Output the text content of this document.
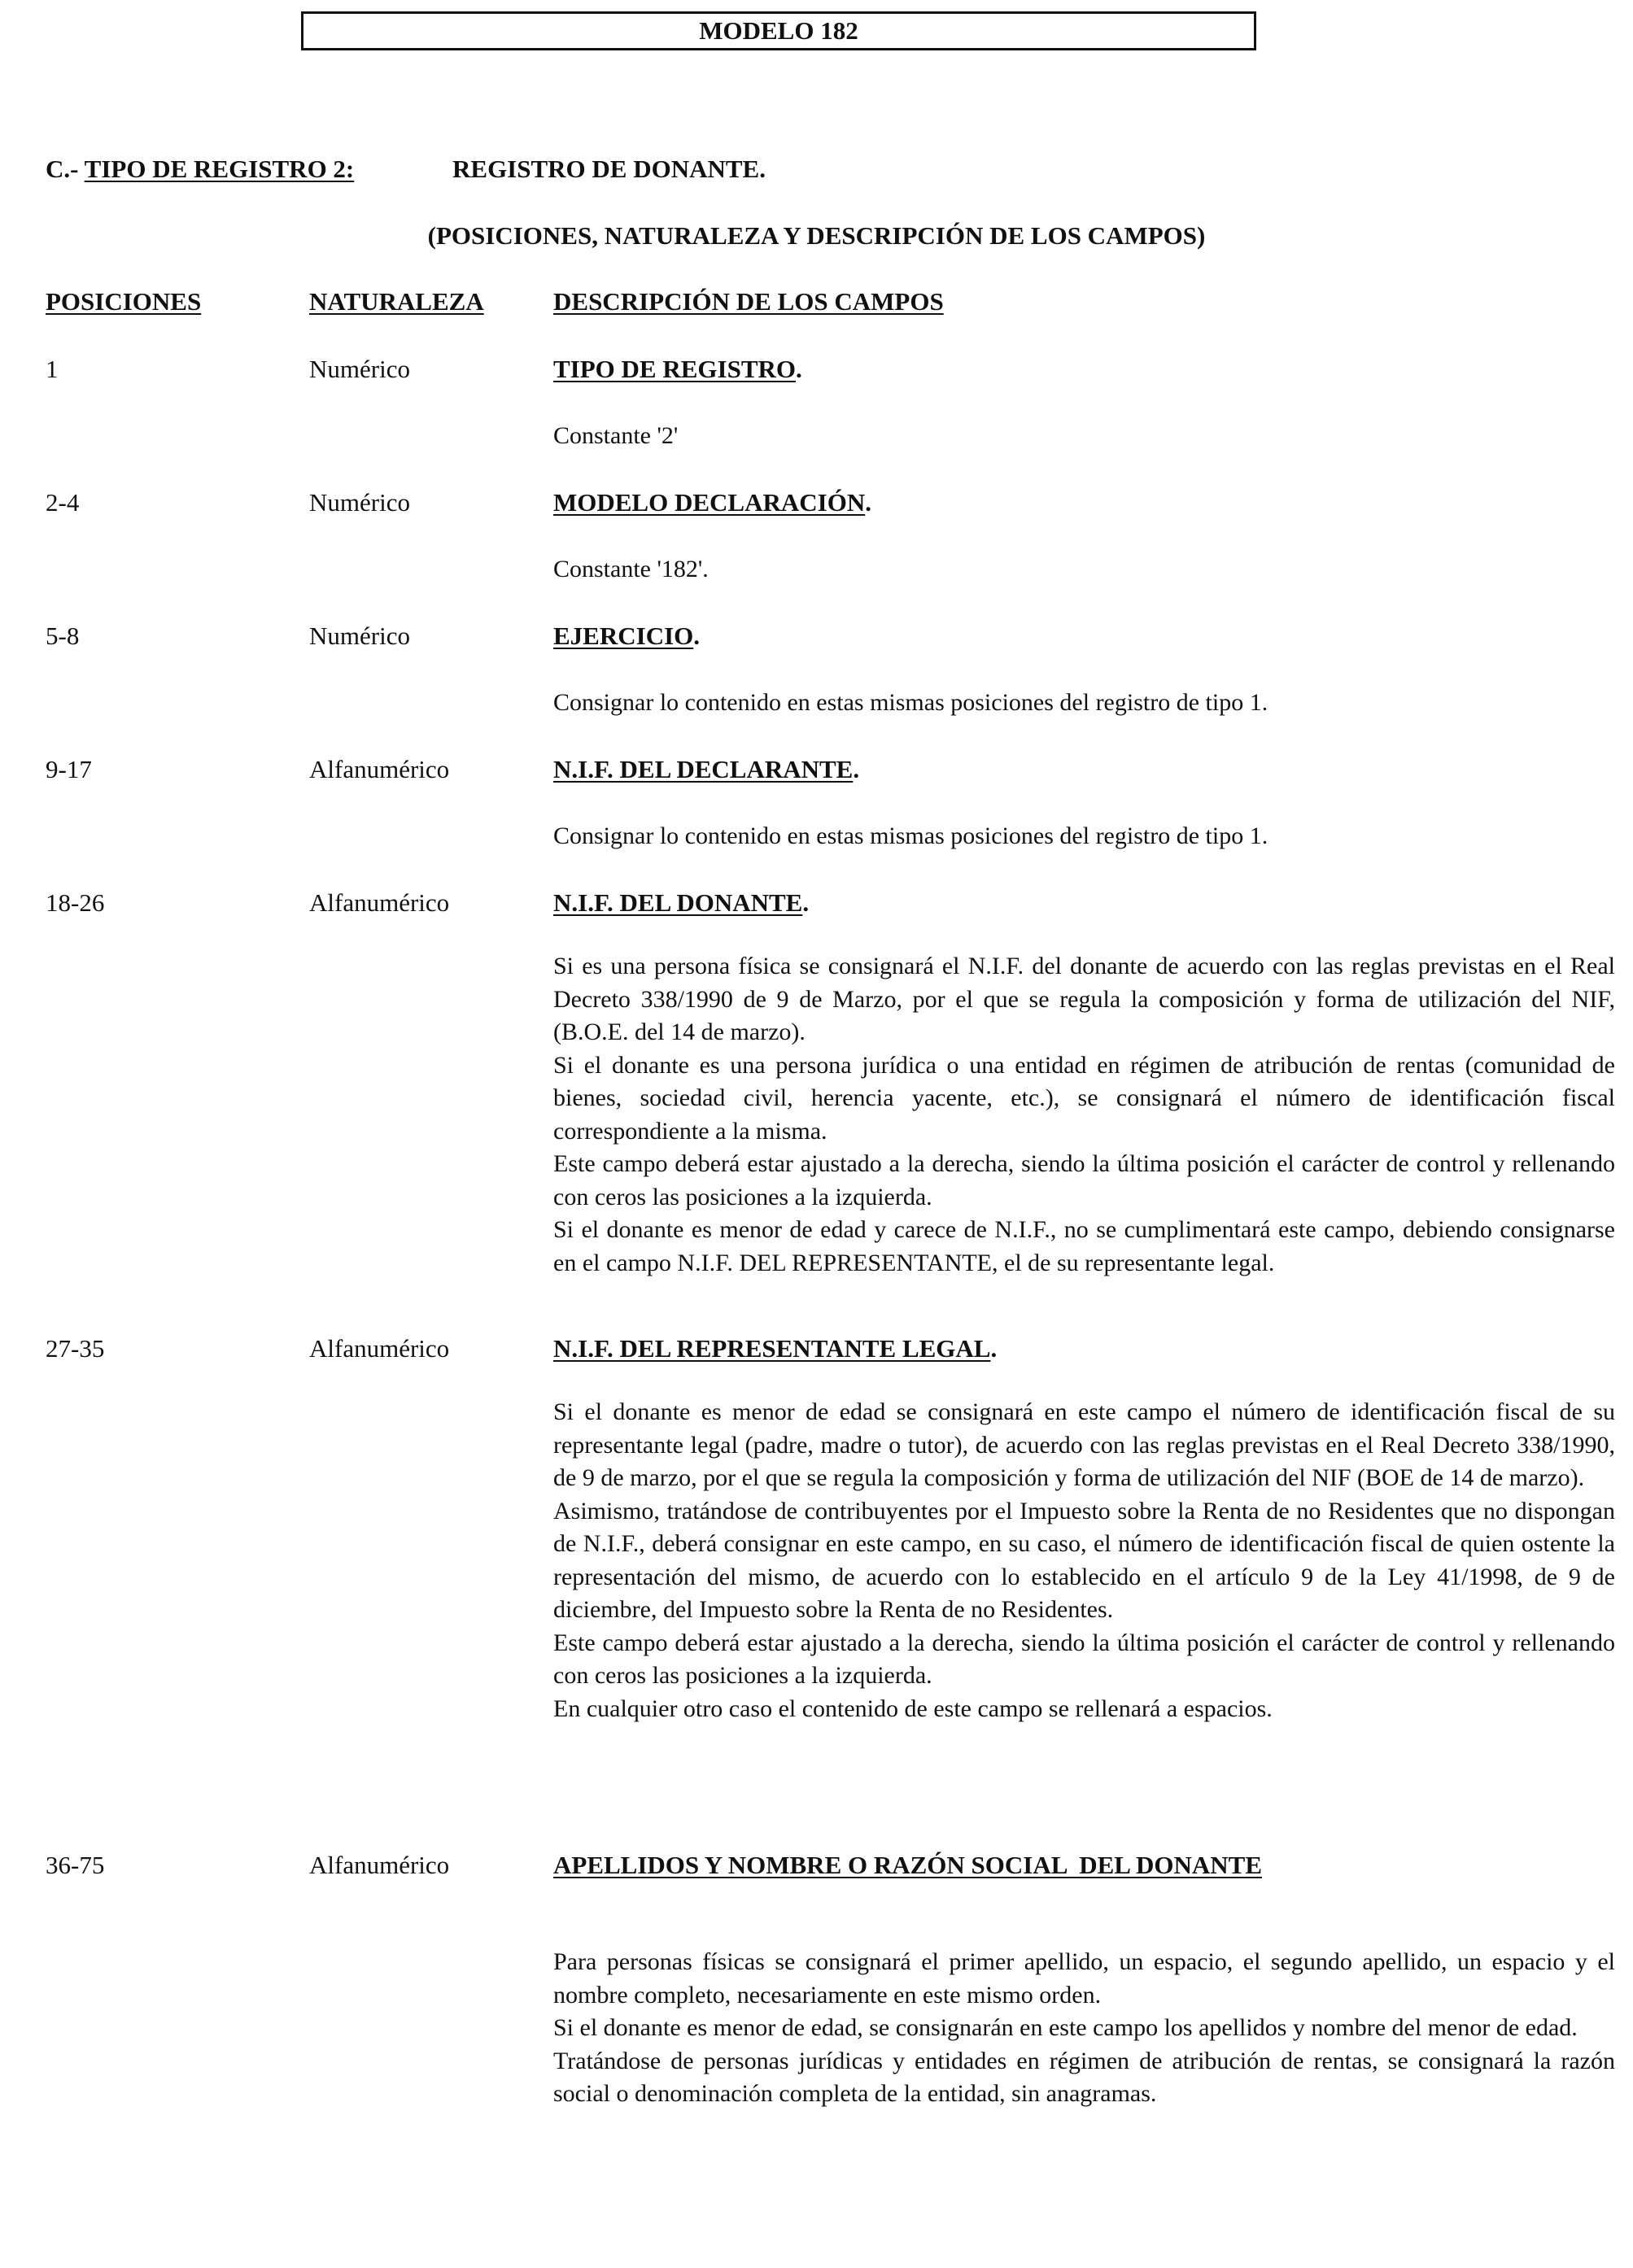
MODELO 182
C.- TIPO DE REGISTRO 2:	REGISTRO DE DONANTE.
(POSICIONES, NATURALEZA Y DESCRIPCIÓN DE LOS CAMPOS)
POSICIONES	NATURALEZA	DESCRIPCIÓN DE LOS CAMPOS
1	Numérico	TIPO DE REGISTRO.
Constante '2'
2-4	Numérico	MODELO DECLARACIÓN.
Constante '182'.
5-8	Numérico	EJERCICIO.
Consignar lo contenido en estas mismas posiciones del registro de tipo 1.
9-17	Alfanumérico	N.I.F. DEL DECLARANTE.
Consignar lo contenido en estas mismas posiciones del registro de tipo 1.
18-26	Alfanumérico	N.I.F. DEL DONANTE.

Si es una persona física se consignará el N.I.F. del donante de acuerdo con las reglas previstas en el Real Decreto 338/1990 de 9 de Marzo, por el que se regula la composición y forma de utilización del NIF, (B.O.E. del 14 de marzo).

Si el donante es una persona jurídica o una entidad en régimen de atribución de rentas (comunidad de bienes, sociedad civil, herencia yacente, etc.), se consignará el número de identificación fiscal correspondiente a la misma.

Este campo deberá estar ajustado a la derecha, siendo la última posición el carácter de control y rellenando con ceros las posiciones a la izquierda.

Si el donante es menor de edad y carece de N.I.F., no se cumplimentará este campo, debiendo consignarse en el campo N.I.F. DEL REPRESENTANTE, el de su representante legal.

27-35	Alfanumérico	N.I.F. DEL REPRESENTANTE LEGAL.

Si el donante es menor de edad se consignará en este campo el número de identificación fiscal de su representante legal (padre, madre o tutor), de acuerdo con las reglas previstas en el Real Decreto 338/1990, de 9 de marzo, por el que se regula la composición y forma de utilización del NIF (BOE de 14 de marzo).

Asimismo, tratándose de contribuyentes por el Impuesto sobre la Renta de no Residentes que no dispongan de N.I.F., deberá consignar en este campo, en su caso, el número de identificación fiscal de quien ostente la representación del mismo, de acuerdo con lo establecido en el artículo 9 de la Ley 41/1998, de 9 de diciembre, del Impuesto sobre la Renta de no Residentes.

Este campo deberá estar ajustado a la derecha, siendo la última posición el carácter de control y rellenando con ceros las posiciones a la izquierda.

En cualquier otro caso el contenido de este campo se rellenará a espacios.

36-75	Alfanumérico	APELLIDOS Y NOMBRE O RAZÓN SOCIAL  DEL DONANTE

Para personas físicas se consignará el primer apellido, un espacio, el segundo apellido, un espacio y el nombre completo, necesariamente en este mismo orden.

Si el donante es menor de edad, se consignarán en este campo los apellidos y nombre del menor de edad.

Tratándose de personas jurídicas y entidades en régimen de atribución de rentas, se consignará la razón social o denominación completa de la entidad, sin anagramas.
